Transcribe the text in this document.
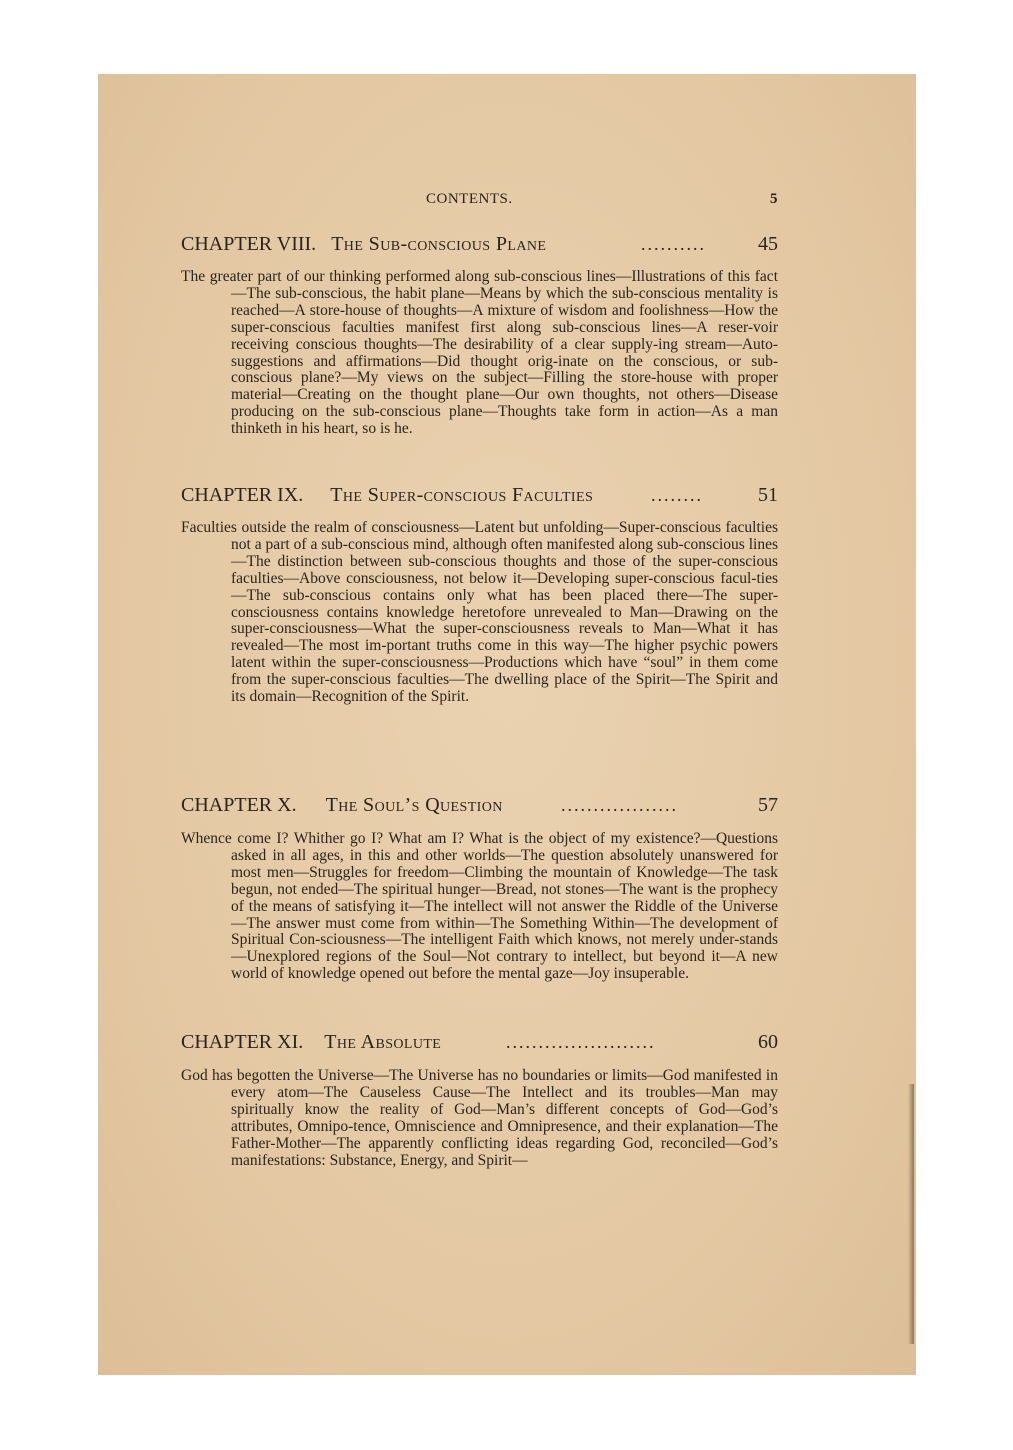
CONTENTS.	5
CHAPTER VIII. The Sub-conscious Plane	..........	45

The greater part of our thinking performed along sub-conscious lines—Illustrations of this fact—The sub-conscious, the habit plane—Means by which the sub-conscious mentality is reached—A store-house of thoughts—A mixture of wisdom and foolishness—How the super-conscious faculties manifest first along sub-conscious lines—A reser-voir receiving conscious thoughts—The desirability of a clear supply-ing stream—Auto-suggestions and affirmations—Did thought orig-inate on the conscious, or sub-conscious plane?—My views on the subject—Filling the store-house with proper material—Creating on the thought plane—Our own thoughts, not others—Disease producing on the sub-conscious plane—Thoughts take form in action—As a man thinketh in his heart, so is he.

CHAPTER IX. The Super-conscious Faculties	........	51

Faculties outside the realm of consciousness—Latent but unfolding—Super-conscious faculties not a part of a sub-conscious mind, although often manifested along sub-conscious lines—The distinction between sub-conscious thoughts and those of the super-conscious faculties—Above consciousness, not below it—Developing super-conscious facul-ties—The sub-conscious contains only what has been placed there—The super-consciousness contains knowledge heretofore unrevealed to Man—Drawing on the super-consciousness—What the super-consciousness reveals to Man—What it has revealed—The most im-portant truths come in this way—The higher psychic powers latent within the super-consciousness—Productions which have “soul” in them come from the super-conscious faculties—The dwelling place of the Spirit—The Spirit and its domain—Recognition of the Spirit.

CHAPTER X. The Soul’s Question	..................	57

Whence come I? Whither go I? What am I? What is the object of my existence?—Questions asked in all ages, in this and other worlds—The question absolutely unanswered for most men—Struggles for freedom—Climbing the mountain of Knowledge—The task begun, not ended—The spiritual hunger—Bread, not stones—The want is the prophecy of the means of satisfying it—The intellect will not answer the Riddle of the Universe—The answer must come from within—The Something Within—The development of Spiritual Con-sciousness—The intelligent Faith which knows, not merely under-stands—Unexplored regions of the Soul—Not contrary to intellect, but beyond it—A new world of knowledge opened out before the mental gaze—Joy insuperable.

CHAPTER XI. The Absolute	.......................	60

God has begotten the Universe—The Universe has no boundaries or limits—God manifested in every atom—The Causeless Cause—The Intellect and its troubles—Man may spiritually know the reality of God—Man’s different concepts of God—God’s attributes, Omnipo-tence, Omniscience and Omnipresence, and their explanation—The Father-Mother—The apparently conflicting ideas regarding God, reconciled—God’s manifestations: Substance, Energy, and Spirit—
